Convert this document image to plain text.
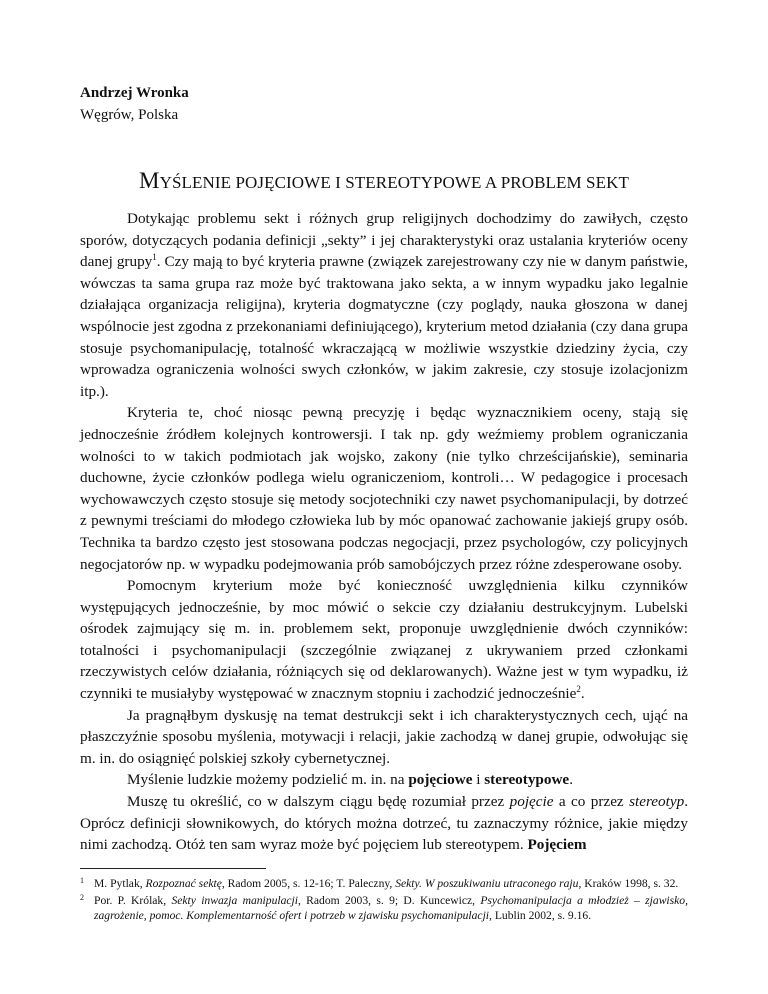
Andrzej Wronka
Węgrów, Polska
MYŚLENIE POJĘCIOWE I STEREOTYPOWE A PROBLEM SEKT

Dotykając problemu sekt i różnych grup religijnych dochodzimy do zawiłych, często sporów, dotyczących podania definicji „sekty” i jej charakterystyki oraz ustalania kryteriów oceny danej grupy$^1$. Czy mają to być kryteria prawne (związek zarejestrowany czy nie w danym państwie, wówczas ta sama grupa raz może być traktowana jako sekta, a w innym wypadku jako legalnie działająca organizacja religijna), kryteria dogmatyczne (czy poglądy, nauka głoszona w danej wspólnocie jest zgodna z przekonaniami definiującego), kryterium metod działania (czy dana grupa stosuje psychomanipulację, totalność wkraczającą w możliwie wszystkie dziedziny życia, czy wprowadza ograniczenia wolności swych członków, w jakim zakresie, czy stosuje izolacjonizm itp.).

Kryteria te, choć niosąc pewną precyzję i będąc wyznacznikiem oceny, stają się jednocześnie źródłem kolejnych kontrowersji. I tak np. gdy weźmiemy problem ograniczania wolności to w takich podmiotach jak wojsko, zakony (nie tylko chrześcijańskie), seminaria duchowne, życie członków podlega wielu ograniczeniom, kontroli… W pedagogice i procesach wychowawczych często stosuje się metody socjotechniki czy nawet psychomanipulacji, by dotrzeć z pewnymi treściami do młodego człowieka lub by móc opanować zachowanie jakiejś grupy osób. Technika ta bardzo często jest stosowana podczas negocjacji, przez psychologów, czy policyjnych negocjatorów np. w wypadku podejmowania prób samobójczych przez różne zdesperowane osoby.

Pomocnym kryterium może być konieczność uwzględnienia kilku czynników występujących jednocześnie, by moc mówić o sekcie czy działaniu destrukcyjnym. Lubelski ośrodek zajmujący się m. in. problemem sekt, proponuje uwzględnienie dwóch czynników: totalności i psychomanipulacji (szczególnie związanej z ukrywaniem przed członkami rzeczywistych celów działania, różniących się od deklarowanych). Ważne jest w tym wypadku, iż czynniki te musiałyby występować w znacznym stopniu i zachodzić jednocześnie$^2$.

Ja pragnąłbym dyskusję na temat destrukcji sekt i ich charakterystycznych cech, ująć na płaszczyźnie sposobu myślenia, motywacji i relacji, jakie zachodzą w danej grupie, odwołując się m. in. do osiągnięć polskiej szkoły cybernetycznej.

Myślenie ludzkie możemy podzielić m. in. na pojęciowe i stereotypowe.

Muszę tu określić, co w dalszym ciągu będę rozumiał przez pojęcie a co przez stereotyp. Oprócz definicji słownikowych, do których można dotrzeć, tu zaznaczymy różnice, jakie między nimi zachodzą. Otóż ten sam wyraz może być pojęciem lub stereotypem. Pojęciem

1 M. Pytlak, Rozpoznać sektę, Radom 2005, s. 12-16; T. Paleczny, Sekty. W poszukiwaniu utraconego raju, Kraków 1998, s. 32.
2 Por. P. Królak, Sekty inwazja manipulacji, Radom 2003, s. 9; D. Kuncewicz, Psychomanipulacja a młodzież – zjawisko, zagrożenie, pomoc. Komplementarność ofert i potrzeb w zjawisku psychomanipulacji, Lublin 2002, s. 9.16.
